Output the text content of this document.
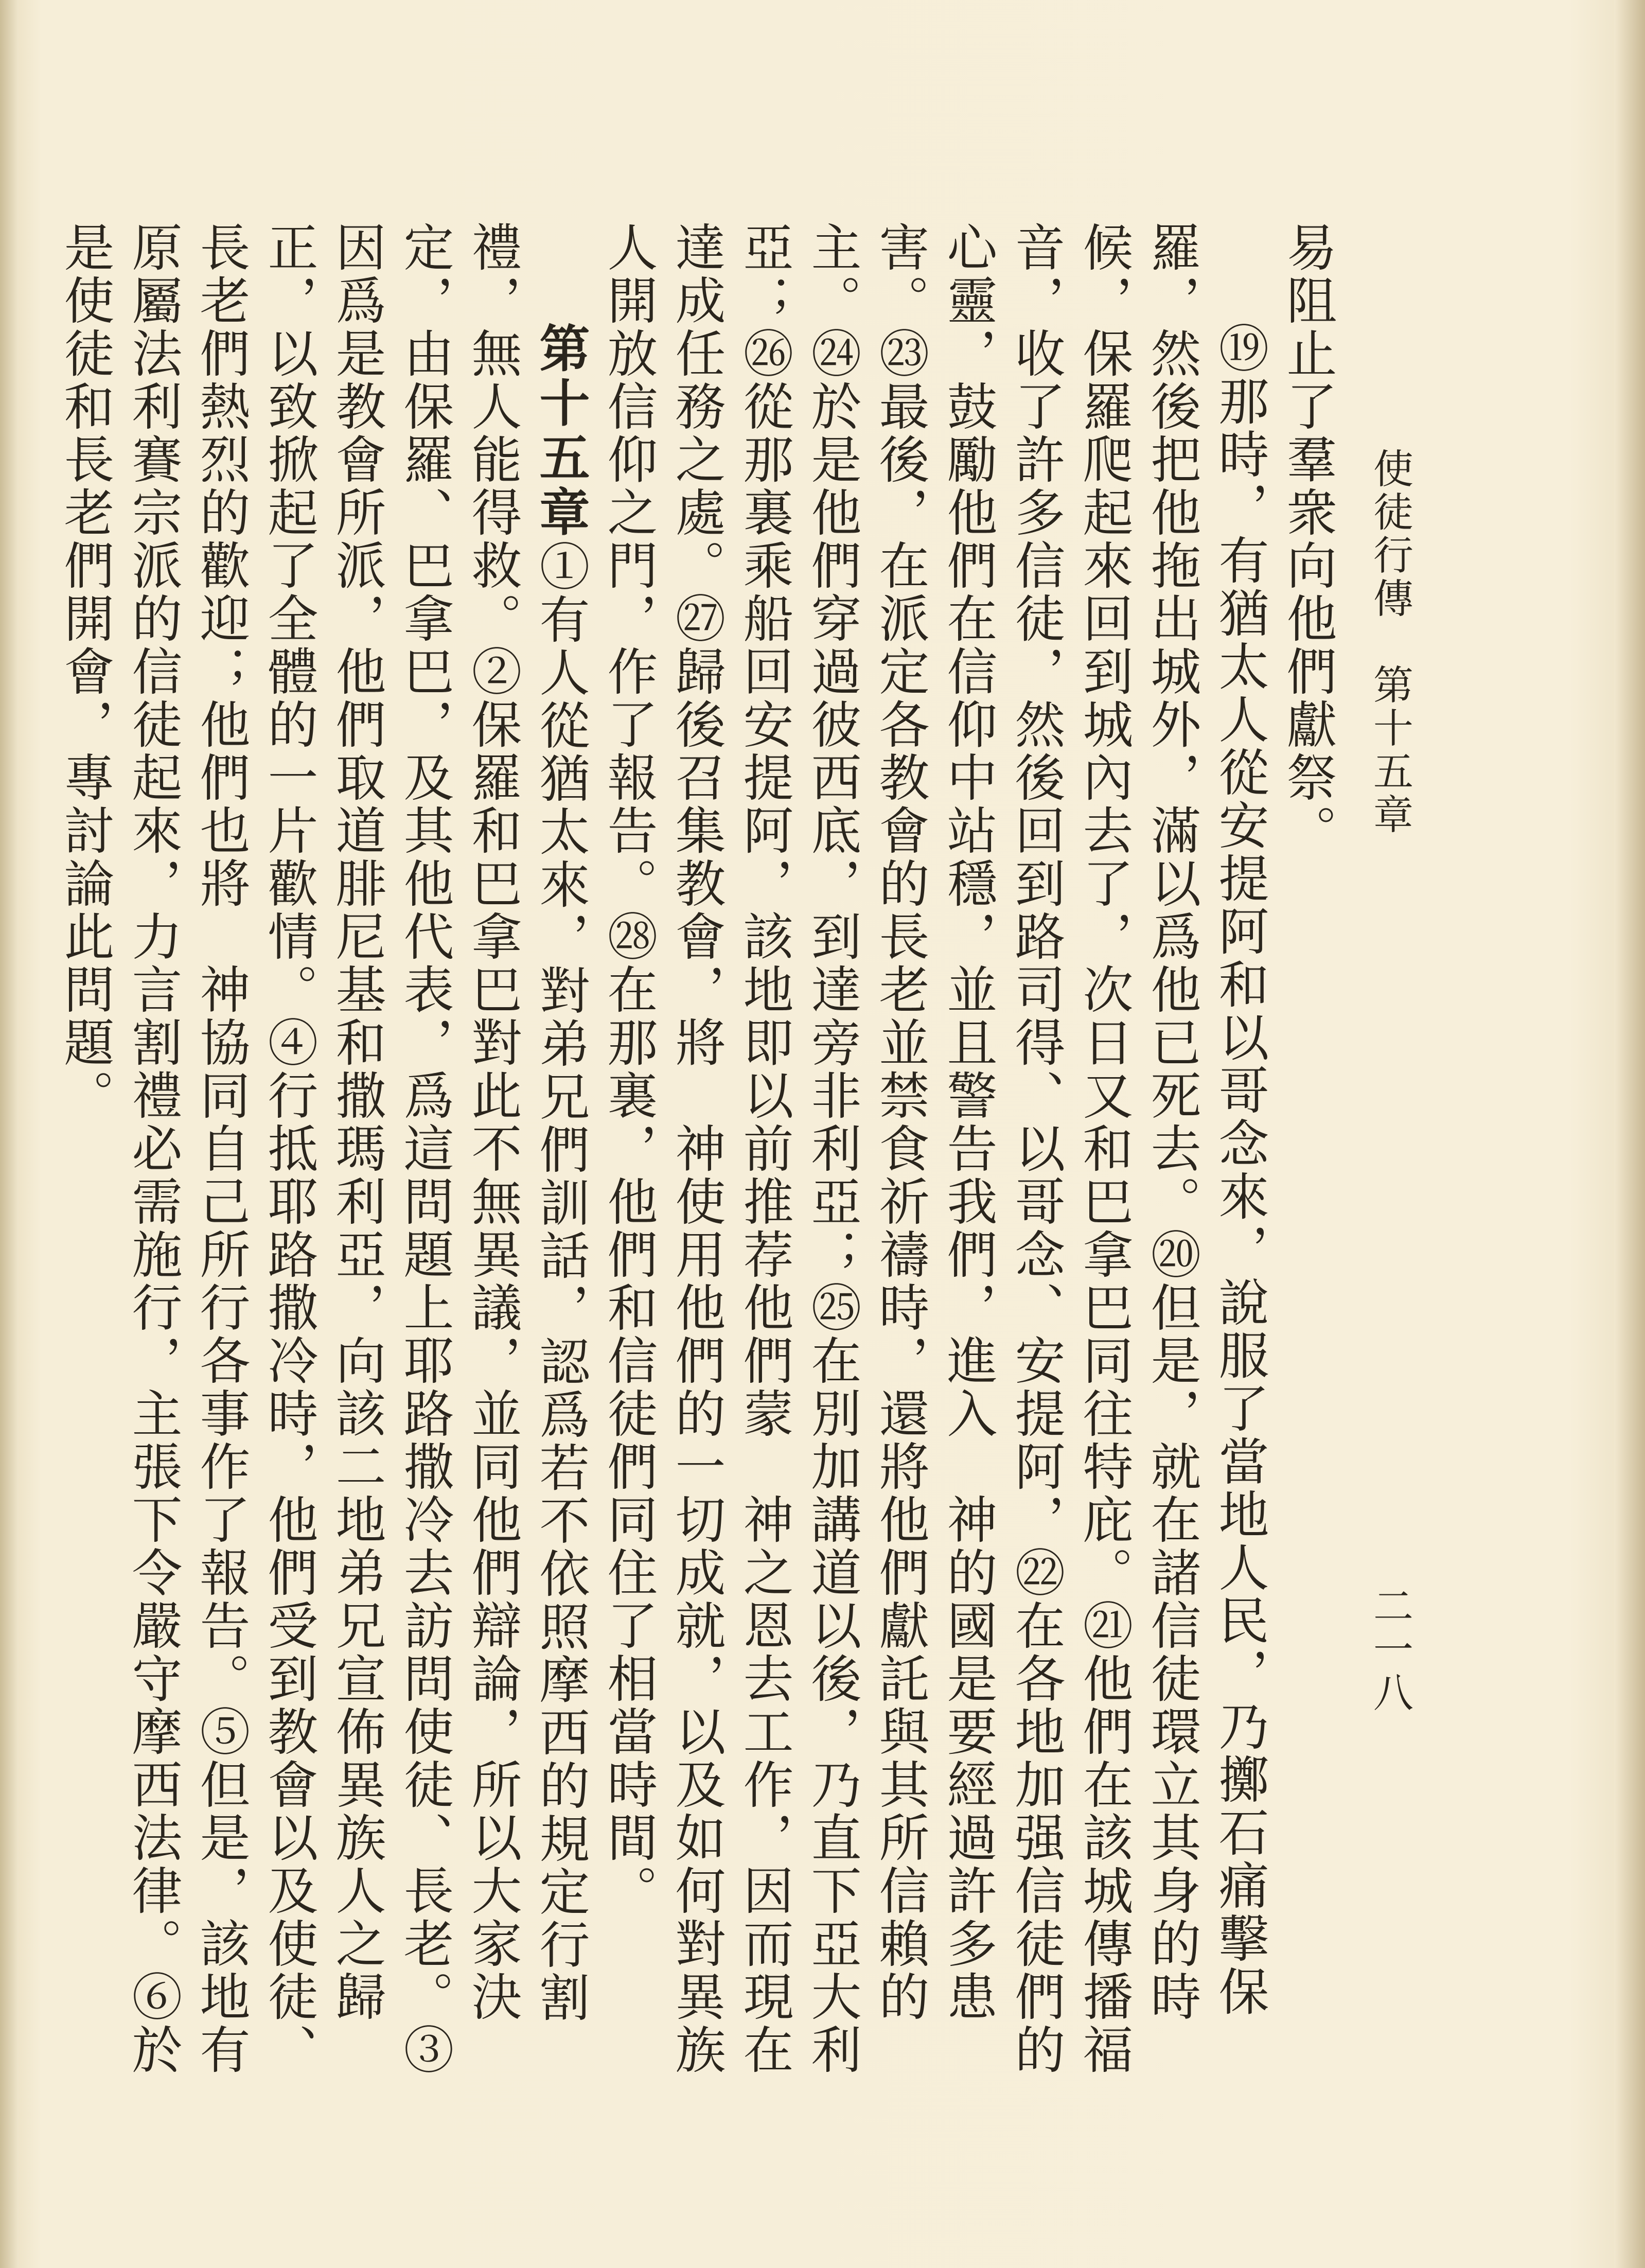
使徒行傳　第十五章
二一八

易阻止了羣衆向他們獻祭。

⑲那時，有猶太人從安提阿和以哥念來，說服了當地人民，乃擲石痛擊保羅，然後把他拖出城外，滿以爲他已死去。⑳但是，就在諸信徒環立其身的時候，保羅爬起來回到城內去了，次日又和巴拿巴同往特庇。㉑他們在該城傳播福音，收了許多信徒，然後回到路司得、以哥念、安提阿，㉒在各地加强信徒們的心靈，鼓勵他們在信仰中站穩，並且警告我們，進入　神的國是要經過許多患害。㉓最後，在派定各教會的長老並禁食祈禱時，還將他們獻託與其所信賴的主。㉔於是他們穿過彼西底，到達旁非利亞；㉕在別加講道以後，乃直下亞大利亞；㉖從那裏乘船回安提阿，該地即以前推荐他們蒙　神之恩去工作，因而現在達成任務之處。㉗歸後召集教會，將　神使用他們的一切成就，以及如何對異族人開放信仰之門，作了報告。㉘在那裏，他們和信徒們同住了相當時間。

第十五章①有人從猶太來，對弟兄們訓話，認爲若不依照摩西的規定行割禮，無人能得救。②保羅和巴拿巴對此不無異議，並同他們辯論，所以大家決定，由保羅、巴拿巴，及其他代表，爲這問題上耶路撒冷去訪問使徒、長老。③因爲是教會所派，他們取道腓尼基和撒瑪利亞，向該二地弟兄宣佈異族人之歸正，以致掀起了全體的一片歡情。④行抵耶路撒冷時，他們受到教會以及使徒、長老們熱烈的歡迎；他們也將　神協同自己所行各事作了報告。⑤但是，該地有原屬法利賽宗派的信徒起來，力言割禮必需施行，主張下令嚴守摩西法律。⑥於是使徒和長老們開會，專討論此問題。
